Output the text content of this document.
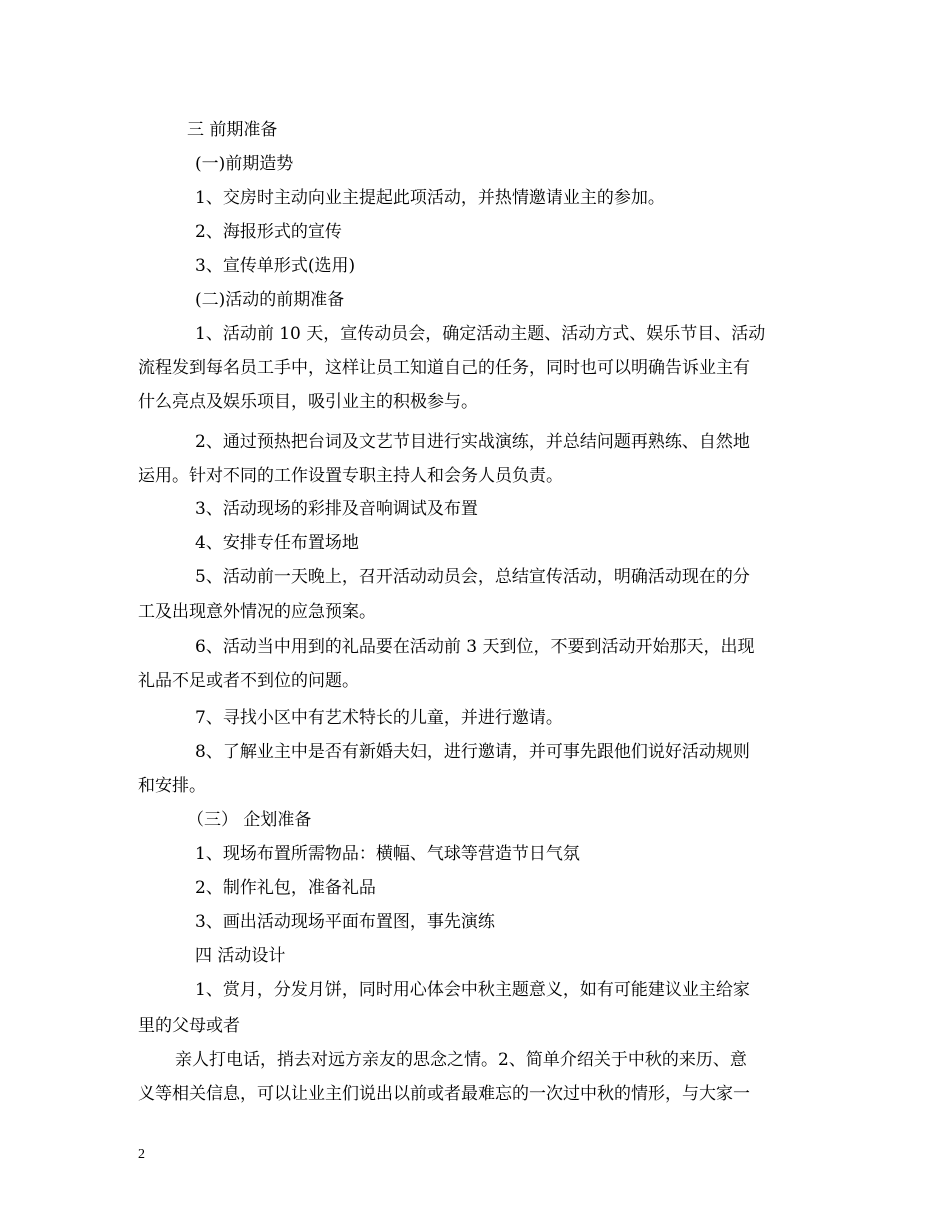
三 前期准备
(一)前期造势
1、交房时主动向业主提起此项活动，并热情邀请业主的参加。
2、海报形式的宣传
3、宣传单形式(选用)
(二)活动的前期准备
1、活动前 10 天，宣传动员会，确定活动主题、活动方式、娱乐节目、活动
流程发到每名员工手中，这样让员工知道自己的任务，同时也可以明确告诉业主有
什么亮点及娱乐项目，吸引业主的积极参与。
2、通过预热把台词及文艺节目进行实战演练，并总结问题再熟练、自然地
运用。针对不同的工作设置专职主持人和会务人员负责。
3、活动现场的彩排及音响调试及布置
4、安排专任布置场地
5、活动前一天晚上，召开活动动员会，总结宣传活动，明确活动现在的分
工及出现意外情况的应急预案。
6、活动当中用到的礼品要在活动前 3 天到位，不要到活动开始那天，出现
礼品不足或者不到位的问题。
7、寻找小区中有艺术特长的儿童，并进行邀请。
8、了解业主中是否有新婚夫妇，进行邀请，并可事先跟他们说好活动规则
和安排。
（三） 企划准备
1、现场布置所需物品：横幅、气球等营造节日气氛
2、制作礼包，准备礼品
3、画出活动现场平面布置图，事先演练
四 活动设计
1、赏月，分发月饼，同时用心体会中秋主题意义，如有可能建议业主给家
里的父母或者
亲人打电话，捎去对远方亲友的思念之情。2、简单介绍关于中秋的来历、意
义等相关信息，可以让业主们说出以前或者最难忘的一次过中秋的情形，与大家一
2
